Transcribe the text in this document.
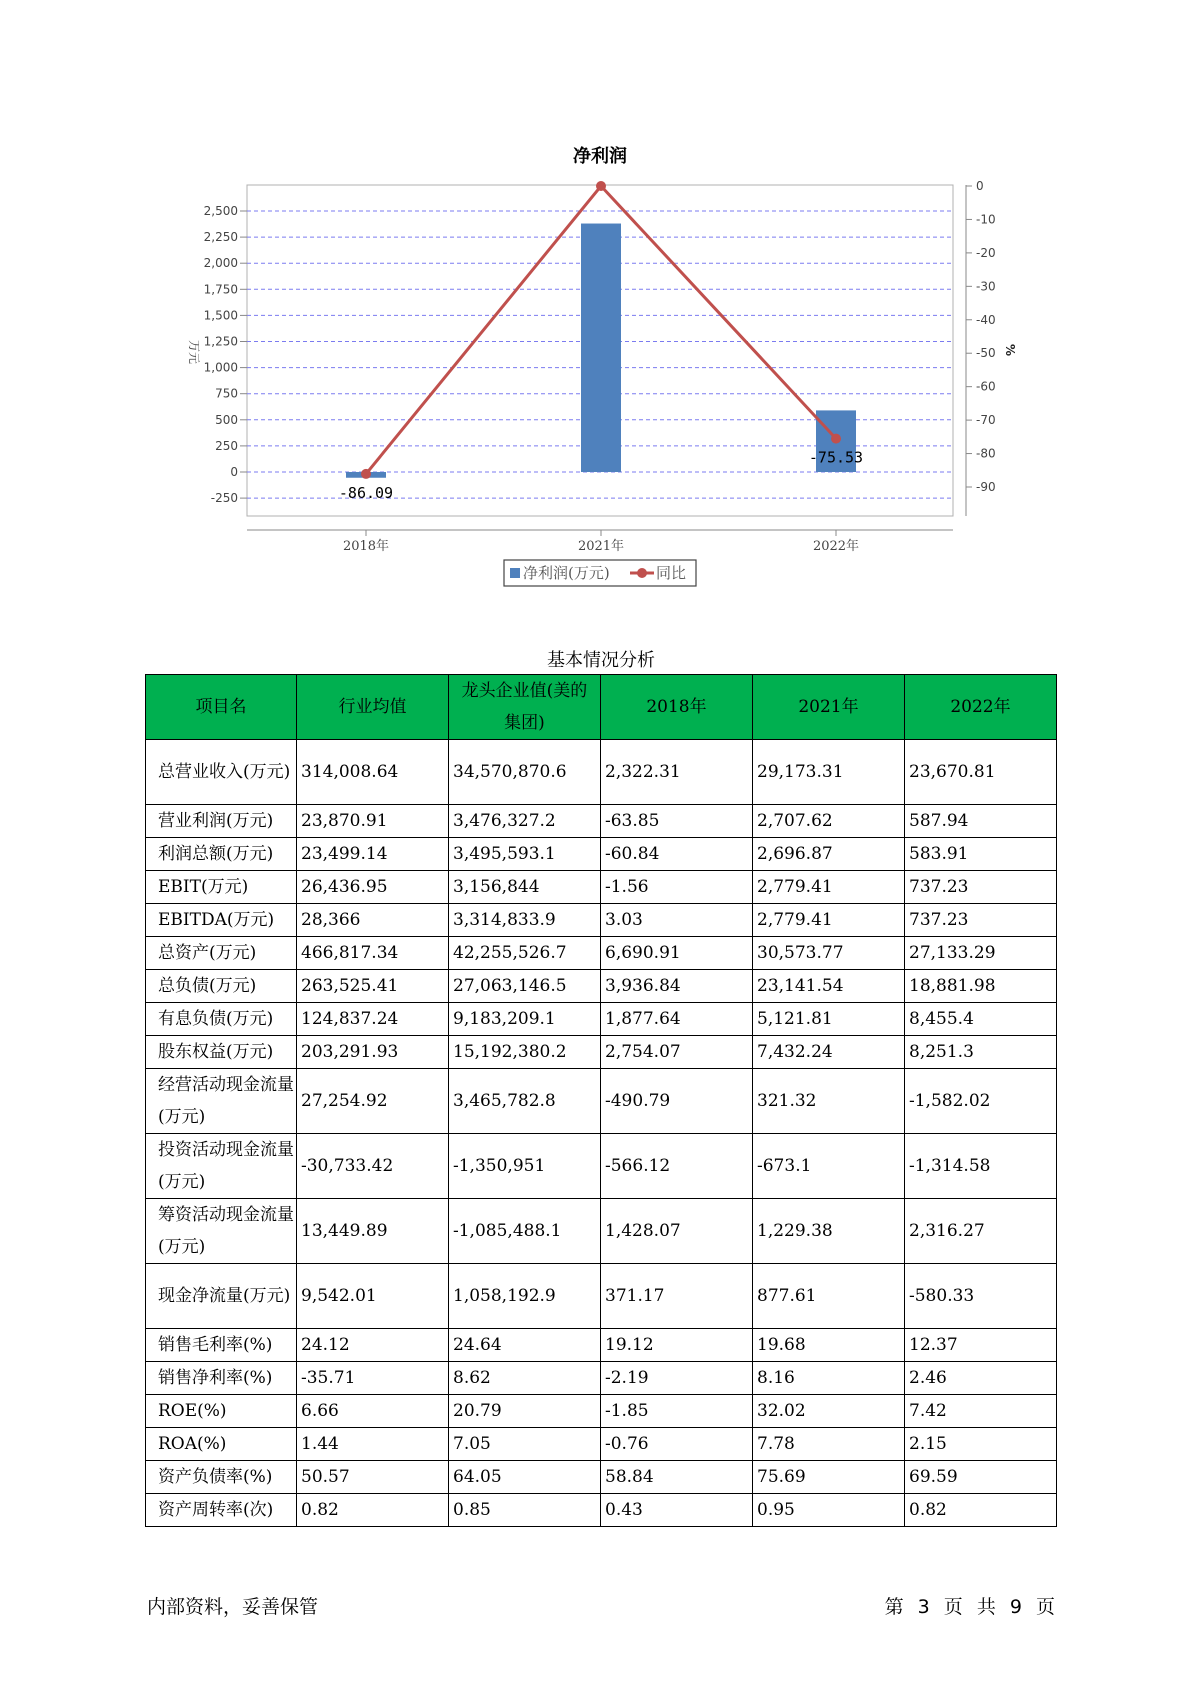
净利润
2,500
2,250
2,000
1,750
1,500
1,250
1,000
750
500
250
0
-250
0
-10
-20
-30
-40
-50
-60
-70
-80
-90
2018年	2021年	2022年
-86.09
-75.53
万元	%
净利润(万元)	同比
基本情况分析
项目名	行业均值	龙头企业值(美的集团)	2018年	2021年	2022年
总营业收入(万元)	314,008.64	34,570,870.6	2,322.31	29,173.31	23,670.81
营业利润(万元)	23,870.91	3,476,327.2	-63.85	2,707.62	587.94
利润总额(万元)	23,499.14	3,495,593.1	-60.84	2,696.87	583.91
EBIT(万元)	26,436.95	3,156,844	-1.56	2,779.41	737.23
EBITDA(万元)	28,366	3,314,833.9	3.03	2,779.41	737.23
总资产(万元)	466,817.34	42,255,526.7	6,690.91	30,573.77	27,133.29
总负债(万元)	263,525.41	27,063,146.5	3,936.84	23,141.54	18,881.98
有息负债(万元)	124,837.24	9,183,209.1	1,877.64	5,121.81	8,455.4
股东权益(万元)	203,291.93	15,192,380.2	2,754.07	7,432.24	8,251.3
经营活动现金流量(万元)	27,254.92	3,465,782.8	-490.79	321.32	-1,582.02
投资活动现金流量(万元)	-30,733.42	-1,350,951	-566.12	-673.1	-1,314.58
筹资活动现金流量(万元)	13,449.89	-1,085,488.1	1,428.07	1,229.38	2,316.27
现金净流量(万元)	9,542.01	1,058,192.9	371.17	877.61	-580.33
销售毛利率(%)	24.12	24.64	19.12	19.68	12.37
销售净利率(%)	-35.71	8.62	-2.19	8.16	2.46
ROE(%)	6.66	20.79	-1.85	32.02	7.42
ROA(%)	1.44	7.05	-0.76	7.78	2.15
资产负债率(%)	50.57	64.05	58.84	75.69	69.59
资产周转率(次)	0.82	0.85	0.43	0.95	0.82
内部资料，妥善保管	第 3 页 共 9 页
